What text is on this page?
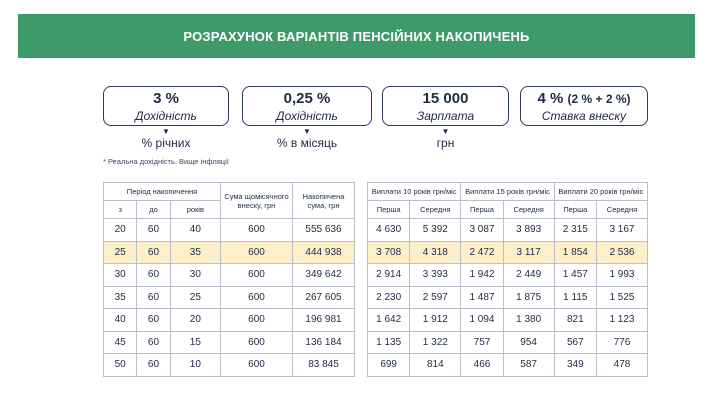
РОЗРАХУНОК ВАРІАНТІВ ПЕНСІЙНИХ НАКОПИЧЕНЬ
3 %
Дохідність
▼
% річних
0,25 %
Дохідність
▼
% в місяць
15 000
Зарплата
▼
грн
4 % (2 % + 2 %)
Ставка внеску
* Реальна дохідність. Вище інфляції
Період накопичення			Сума щомісячного внеску, грн	Накопичена сума, грн
з	до	років		
20	60	40	600	555 636
25	60	35	600	444 938
30	60	30	600	349 642
35	60	25	600	267 605
40	60	20	600	196 981
45	60	15	600	136 184
50	60	10	600	83 845
Виплати 10 років грн/міс		Виплати 15 років грн/міс		Виплати 20 років грн/міс	
Перша	Середня	Перша	Середня	Перша	Середня
4 630	5 392	3 087	3 893	2 315	3 167
3 708	4 318	2 472	3 117	1 854	2 536
2 914	3 393	1 942	2 449	1 457	1 993
2 230	2 597	1 487	1 875	1 115	1 525
1 642	1 912	1 094	1 380	821	1 123
1 135	1 322	757	954	567	776
699	814	466	587	349	478
